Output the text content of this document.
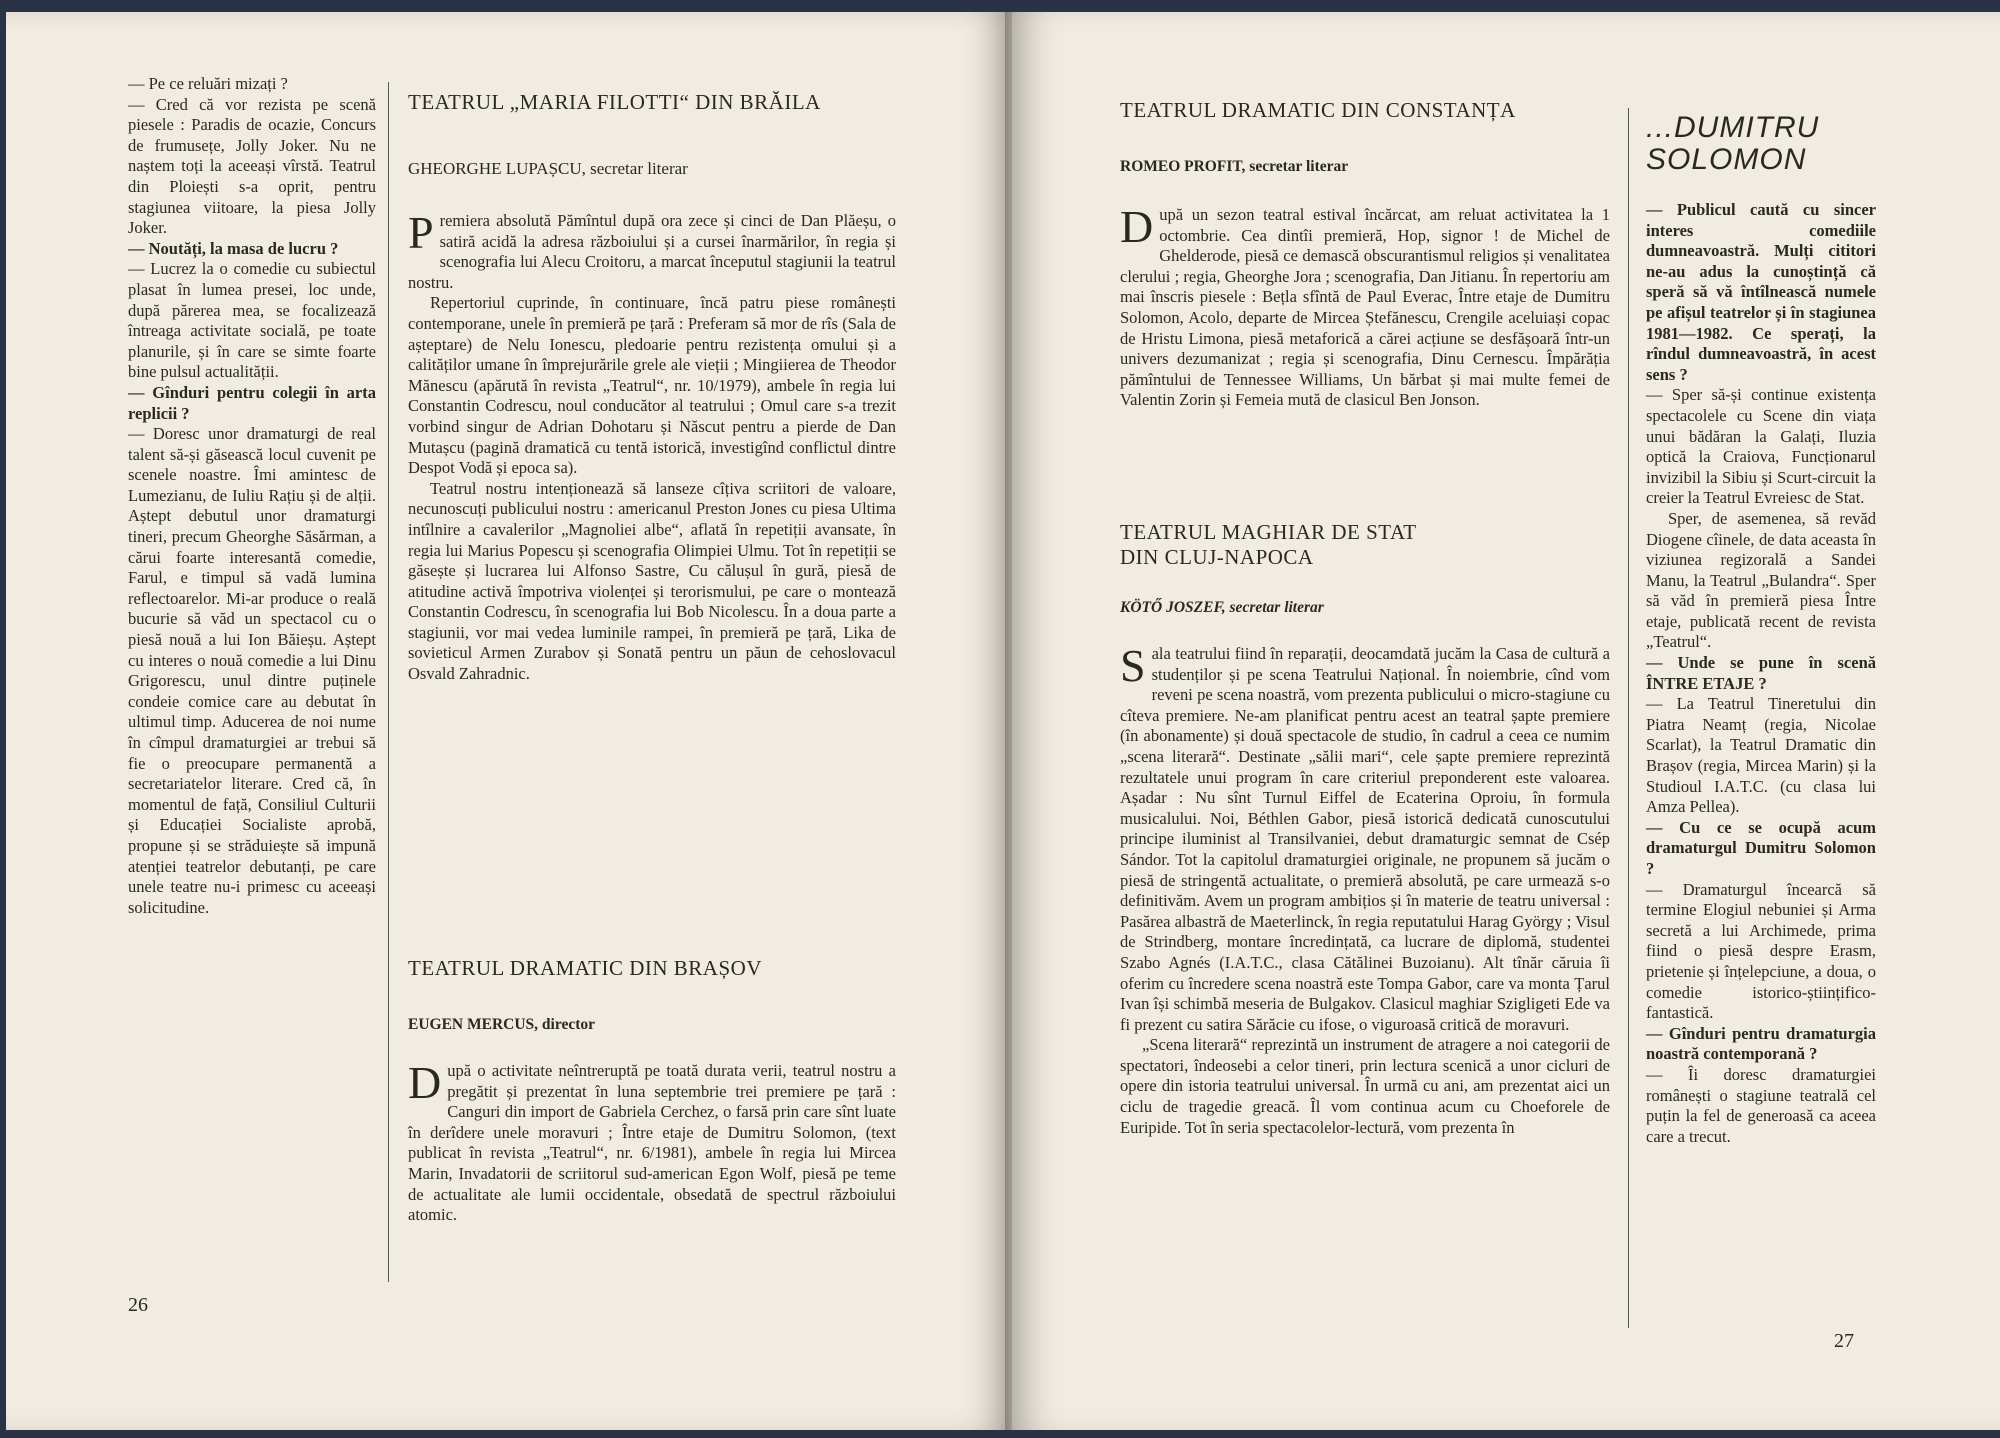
— Pe ce reluări mizați ?

— Cred că vor rezista pe scenă piesele : Paradis de ocazie, Concurs de frumusețe, Jolly Joker. Nu ne naștem toți la aceeași vîrstă. Teatrul din Ploiești s-a oprit, pentru stagiunea viitoare, la piesa Jolly Joker.

— Noutăți, la masa de lucru ?

— Lucrez la o comedie cu subiectul plasat în lumea presei, loc unde, după părerea mea, se focalizează întreaga activitate socială, pe toate planurile, și în care se simte foarte bine pulsul actualității.

— Gînduri pentru colegii în arta replicii ?

— Doresc unor dramaturgi de real talent să-și găsească locul cuvenit pe scenele noastre. Îmi amintesc de Lumezianu, de Iuliu Rațiu și de alții. Aștept debutul unor dramaturgi tineri, precum Gheorghe Săsărman, a cărui foarte interesantă comedie, Farul, e timpul să vadă lumina reflectoarelor. Mi-ar produce o reală bucurie să văd un spectacol cu o piesă nouă a lui Ion Băieșu. Aștept cu interes o nouă comedie a lui Dinu Grigorescu, unul dintre puținele condeie comice care au debutat în ultimul timp. Aducerea de noi nume în cîmpul dramaturgiei ar trebui să fie o preocupare permanentă a secretariatelor literare. Cred că, în momentul de față, Consiliul Culturii și Educației Socialiste aprobă, propune și se străduiește să impună atenției teatrelor debutanți, pe care unele teatre nu-i primesc cu aceeași solicitudine.

TEATRUL „MARIA FILOTTI“ DIN BRĂILA
GHEORGHE LUPAȘCU, secretar literar

Premiera absolută Pămîntul după ora zece și cinci de Dan Plăeșu, o satiră acidă la adresa războiului și a cursei înarmărilor, în regia și scenografia lui Alecu Croitoru, a marcat începutul stagiunii la teatrul nostru.

Repertoriul cuprinde, în continuare, încă patru piese românești contemporane, unele în premieră pe țară : Preferam să mor de rîs (Sala de așteptare) de Nelu Ionescu, pledoarie pentru rezistența omului și a calităților umane în împrejurările grele ale vieții ; Mingiierea de Theodor Mănescu (apărută în revista „Teatrul“, nr. 10/1979), ambele în regia lui Constantin Codrescu, noul conducător al teatrului ; Omul care s-a trezit vorbind singur de Adrian Dohotaru și Născut pentru a pierde de Dan Mutașcu (pagină dramatică cu tentă istorică, investigînd conflictul dintre Despot Vodă și epoca sa).

Teatrul nostru intenționează să lanseze cîțiva scriitori de valoare, necunoscuți publicului nostru : americanul Preston Jones cu piesa Ultima intîlnire a cavalerilor „Magnoliei albe“, aflată în repetiții avansate, în regia lui Marius Popescu și scenografia Olimpiei Ulmu. Tot în repetiții se găsește și lucrarea lui Alfonso Sastre, Cu călușul în gură, piesă de atitudine activă împotriva violenței și terorismului, pe care o montează Constantin Codrescu, în scenografia lui Bob Nicolescu. În a doua parte a stagiunii, vor mai vedea luminile rampei, în premieră pe țară, Lika de sovieticul Armen Zurabov și Sonată pentru un păun de cehoslovacul Osvald Zahradnic.

TEATRUL DRAMATIC DIN BRAȘOV
EUGEN MERCUS, director

După o activitate neîntreruptă pe toată durata verii, teatrul nostru a pregătit și prezentat în luna septembrie trei premiere pe țară : Canguri din import de Gabriela Cerchez, o farsă prin care sînt luate în derîdere unele moravuri ; Între etaje de Dumitru Solomon, (text publicat în revista „Teatrul“, nr. 6/1981), ambele în regia lui Mircea Marin, Invadatorii de scriitorul sud-american Egon Wolf, piesă pe teme de actualitate ale lumii occidentale, obsedată de spectrul războiului atomic.

26
TEATRUL DRAMATIC DIN CONSTANȚA
ROMEO PROFIT, secretar literar

După un sezon teatral estival încărcat, am reluat activitatea la 1 octombrie. Cea dintîi premieră, Hop, signor ! de Michel de Ghelderode, piesă ce demască obscurantismul religios și venalitatea clerului ; regia, Gheorghe Jora ; scenografia, Dan Jitianu. În repertoriu am mai înscris piesele : Bețla sfîntă de Paul Everac, Între etaje de Dumitru Solomon, Acolo, departe de Mircea Ștefănescu, Crengile aceluiași copac de Hristu Limona, piesă metaforică a cărei acțiune se desfășoară într-un univers dezumanizat ; regia și scenografia, Dinu Cernescu. Împărăția pămîntului de Tennessee Williams, Un bărbat și mai multe femei de Valentin Zorin și Femeia mută de clasicul Ben Jonson.

TEATRUL MAGHIAR DE STAT
DIN CLUJ-NAPOCA
KÖTŐ JOSZEF, secretar literar

Sala teatrului fiind în reparații, deocamdată jucăm la Casa de cultură a studenților și pe scena Teatrului Național. În noiembrie, cînd vom reveni pe scena noastră, vom prezenta publicului o micro-stagiune cu cîteva premiere. Ne-am planificat pentru acest an teatral șapte premiere (în abonamente) și două spectacole de studio, în cadrul a ceea ce numim „scena literară“. Destinate „sălii mari“, cele șapte premiere reprezintă rezultatele unui program în care criteriul preponderent este valoarea. Așadar : Nu sînt Turnul Eiffel de Ecaterina Oproiu, în formula musicalului. Noi, Béthlen Gabor, piesă istorică dedicată cunoscutului principe iluminist al Transilvaniei, debut dramaturgic semnat de Csép Sándor. Tot la capitolul dramaturgiei originale, ne propunem să jucăm o piesă de stringentă actualitate, o premieră absolută, pe care urmează s-o definitivăm. Avem un program ambițios și în materie de teatru universal : Pasărea albastră de Maeterlinck, în regia reputatului Harag György ; Visul de Strindberg, montare încredințată, ca lucrare de diplomă, studentei Szabo Agnés (I.A.T.C., clasa Cătălinei Buzoianu). Alt tînăr căruia îi oferim cu încredere scena noastră este Tompa Gabor, care va monta Țarul Ivan își schimbă meseria de Bulgakov. Clasicul maghiar Szigligeti Ede va fi prezent cu satira Sărăcie cu ifose, o viguroasă critică de moravuri.

„Scena literară“ reprezintă un instrument de atragere a noi categorii de spectatori, îndeosebi a celor tineri, prin lectura scenică a unor cicluri de opere din istoria teatrului universal. În urmă cu ani, am prezentat aici un ciclu de tragedie greacă. Îl vom continua acum cu Choeforele de Euripide. Tot în seria spectacolelor-lectură, vom prezenta în

...DUMITRU

SOLOMON

— Publicul caută cu sincer interes comediile dumneavoastră. Mulți cititori ne-au adus la cunoștință că speră să vă întîlnească numele pe afișul teatrelor și în stagiunea 1981—1982. Ce sperați, la rîndul dumneavoastră, în acest sens ?

— Sper să-și continue existența spectacolele cu Scene din viața unui bădăran la Galați, Iluzia optică la Craiova, Funcționarul invizibil la Sibiu și Scurt-circuit la creier la Teatrul Evreiesc de Stat.

Sper, de asemenea, să revăd Diogene cîinele, de data aceasta în viziunea regizorală a Sandei Manu, la Teatrul „Bulandra“. Sper să văd în premieră piesa Între etaje, publicată recent de revista „Teatrul“.

— Unde se pune în scenă ÎNTRE ETAJE ?

— La Teatrul Tineretului din Piatra Neamț (regia, Nicolae Scarlat), la Teatrul Dramatic din Brașov (regia, Mircea Marin) și la Studioul I.A.T.C. (cu clasa lui Amza Pellea).

— Cu ce se ocupă acum dramaturgul Dumitru Solomon ?

— Dramaturgul încearcă să termine Elogiul nebuniei și Arma secretă a lui Archimede, prima fiind o piesă despre Erasm, prietenie și înțelepciune, a doua, o comedie istorico-științifico-fantastică.

— Gînduri pentru dramaturgia noastră contemporană ?

— Îi doresc dramaturgiei românești o stagiune teatrală cel puțin la fel de generoasă ca aceea care a trecut.

27
